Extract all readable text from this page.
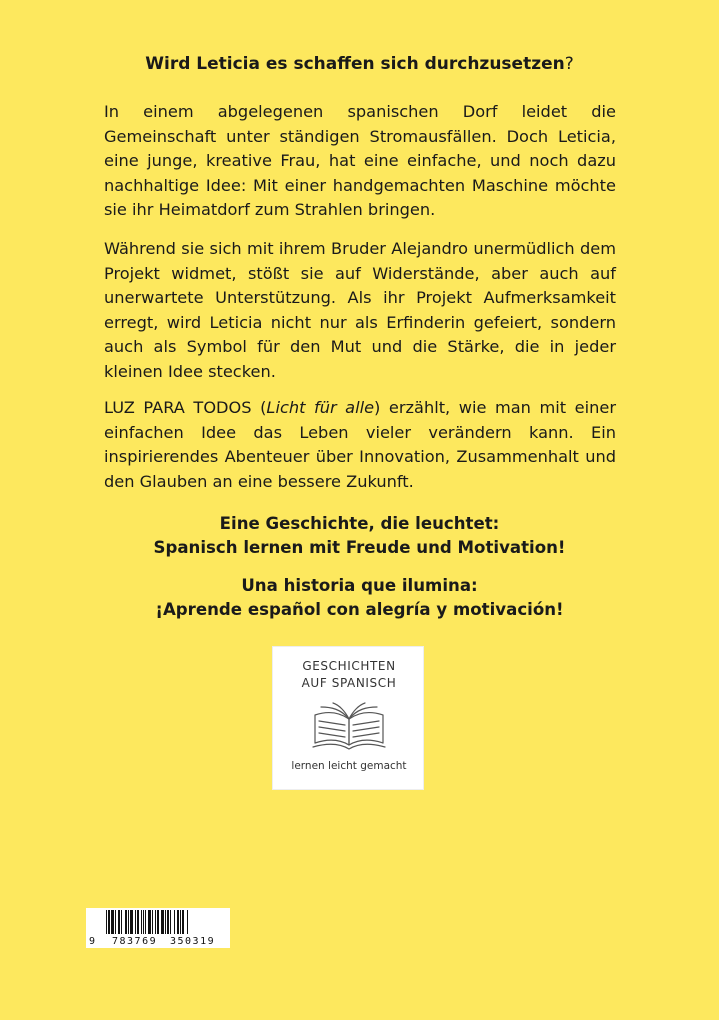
Wird Leticia es schaffen sich durchzusetzen?

In einem abgelegenen spanischen Dorf leidet die Gemeinschaft unter ständigen Stromausfällen. Doch Leticia, eine junge, kreative Frau, hat eine einfache, und noch dazu nachhaltige Idee: Mit einer handgemachten Maschine möchte sie ihr Heimatdorf zum Strahlen bringen.

Während sie sich mit ihrem Bruder Alejandro unermüdlich dem Projekt widmet, stößt sie auf Widerstände, aber auch auf unerwartete Unterstützung. Als ihr Projekt Aufmerksamkeit erregt, wird Leticia nicht nur als Erfinderin gefeiert, sondern auch als Symbol für den Mut und die Stärke, die in jeder kleinen Idee stecken.

LUZ PARA TODOS (Licht für alle) erzählt, wie man mit einer einfachen Idee das Leben vieler verändern kann. Ein inspirierendes Abenteuer über Innovation, Zusammenhalt und den Glauben an eine bessere Zukunft.

Eine Geschichte, die leuchtet:
Spanisch lernen mit Freude und Motivation!
Una historia que ilumina:
¡Aprende español con alegría y motivación!
GESCHICHTEN
AUF SPANISCH
lernen leicht gemacht
9 783769 350319
